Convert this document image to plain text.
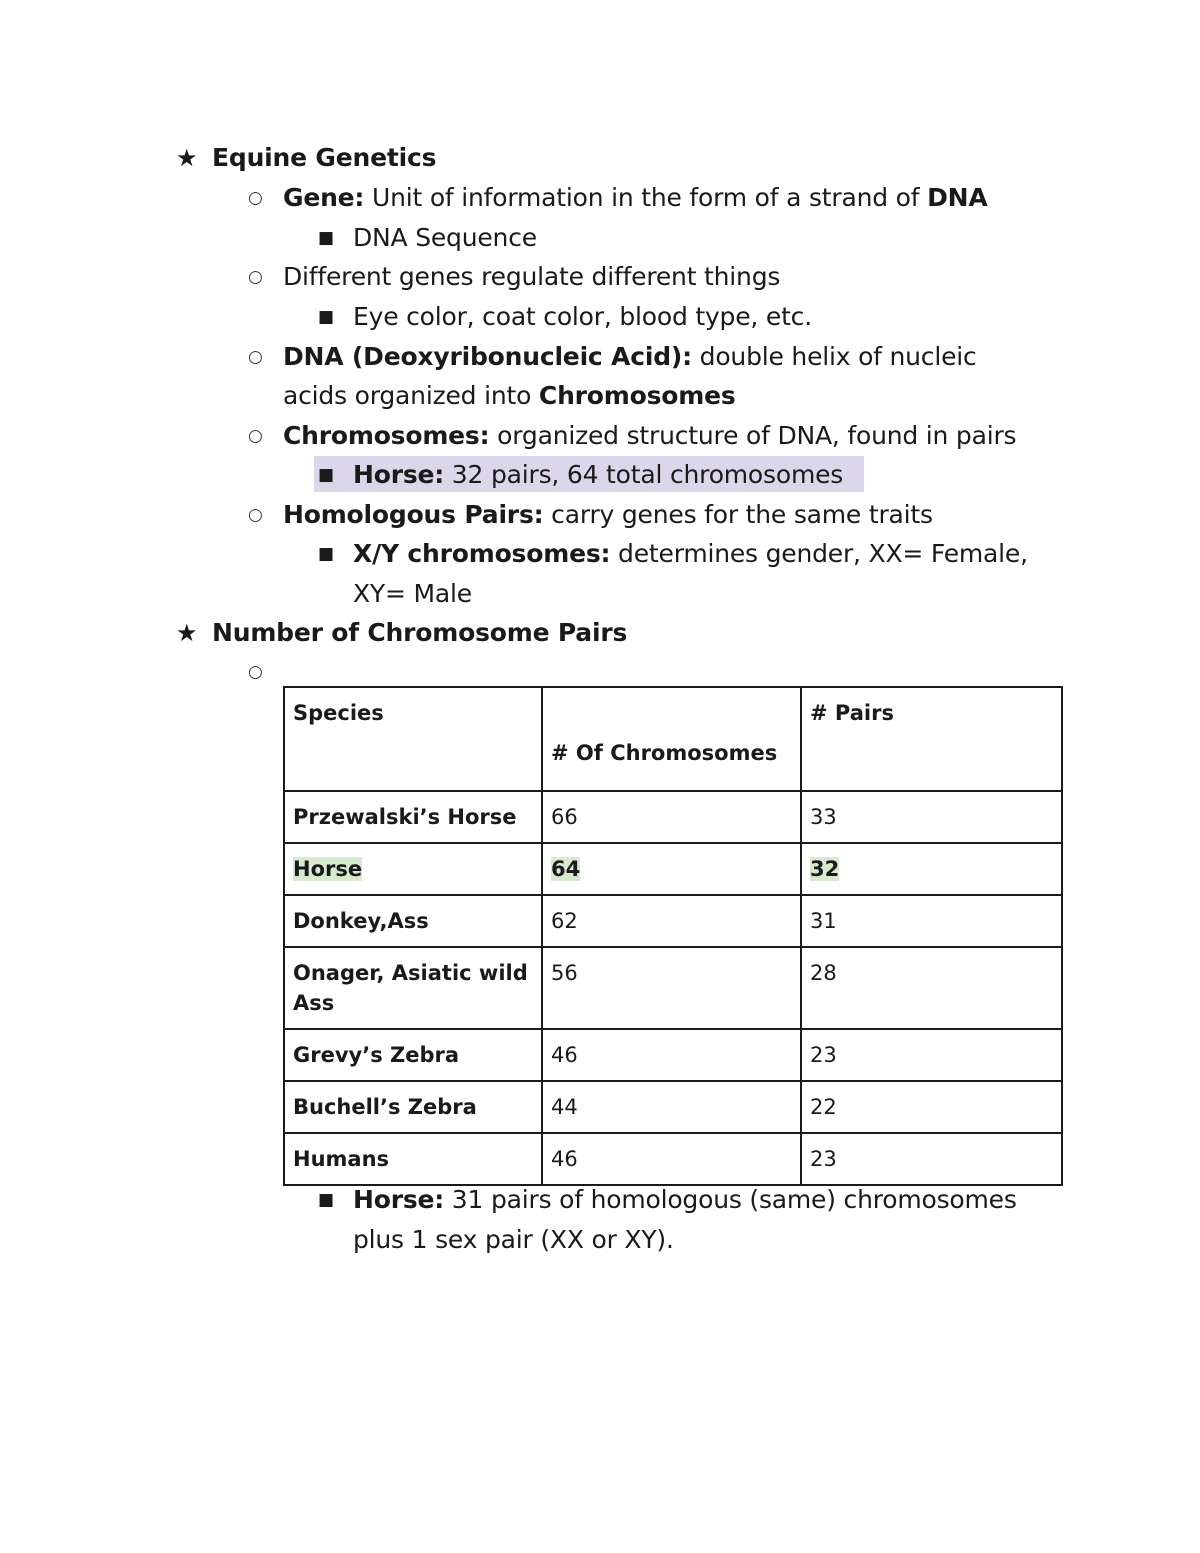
★ Equine Genetics
○ Gene: Unit of information in the form of a strand of DNA
■ DNA Sequence
○ Different genes regulate different things
■ Eye color, coat color, blood type, etc.
○ DNA (Deoxyribonucleic Acid): double helix of nucleic
acids organized into Chromosomes
○ Chromosomes: organized structure of DNA, found in pairs
■ Horse: 32 pairs, 64 total chromosomes
○ Homologous Pairs: carry genes for the same traits
■ X/Y chromosomes: determines gender, XX= Female,
XY= Male
★ Number of Chromosome Pairs
○
Species	# Of Chromosomes	# Pairs
Przewalski’s Horse	66	33
Horse	64	32
Donkey,Ass	62	31
Onager, Asiatic wild Ass	56	28
Grevy’s Zebra	46	23
Buchell’s Zebra	44	22
Humans	46	23
■ Horse: 31 pairs of homologous (same) chromosomes
plus 1 sex pair (XX or XY).
